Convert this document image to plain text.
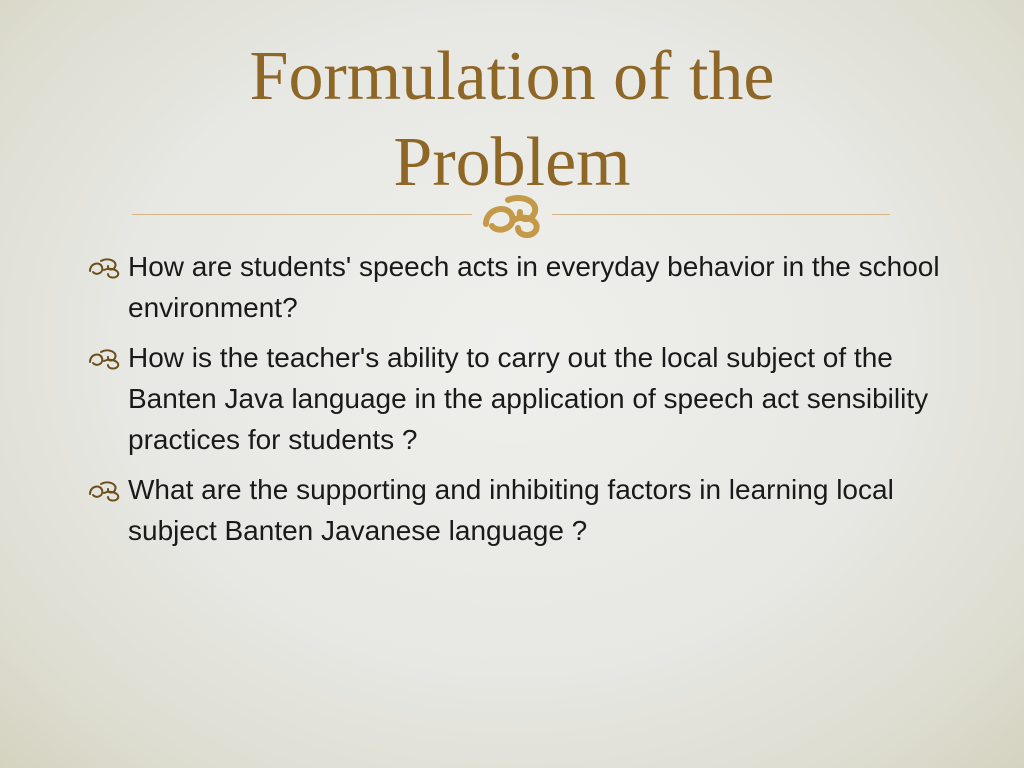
Formulation of the Problem
How are students' speech acts in everyday behavior in the school environment?
How is the teacher's ability to carry out the local subject of the Banten Java language in the application of speech act sensibility practices for students ?
What are the supporting and inhibiting factors in learning local subject Banten Javanese language ?
